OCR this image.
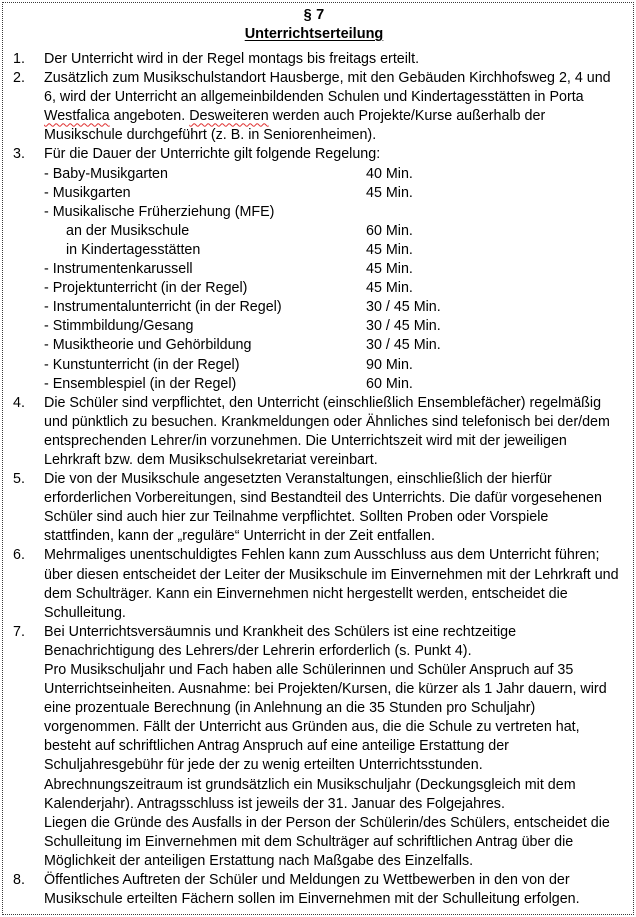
§ 7
Unterrichtserteilung
1.	Der Unterricht wird in der Regel montags bis freitags erteilt.
2.	Zusätzlich zum Musikschulstandort Hausberge, mit den Gebäuden Kirchhofsweg 2, 4 und 6, wird der Unterricht an allgemeinbildenden Schulen und Kindertagesstätten in Porta Westfalica angeboten. Desweiteren werden auch Projekte/Kurse außerhalb der Musikschule durchgeführt (z. B. in Seniorenheimen).
3.	Für die Dauer der Unterrichte gilt folgende Regelung:
- Baby-Musikgarten	40 Min.
- Musikgarten	45 Min.
- Musikalische Früherziehung (MFE)	
an der Musikschule	60 Min.
in Kindertagesstätten	45 Min.
- Instrumentenkarussell	45 Min.
- Projektunterricht (in der Regel)	45 Min.
- Instrumentalunterricht (in der Regel)	30 / 45 Min.
- Stimmbildung/Gesang	30 / 45 Min.
- Musiktheorie und Gehörbildung	30 / 45 Min.
- Kunstunterricht (in der Regel)	90 Min.
- Ensemblespiel (in der Regel)	60 Min.
4.	Die Schüler sind verpflichtet, den Unterricht (einschließlich Ensemblefächer) regelmäßig und pünktlich zu besuchen. Krankmeldungen oder Ähnliches sind telefonisch bei der/dem entsprechenden Lehrer/in vorzunehmen. Die Unterrichtszeit wird mit der jeweiligen Lehrkraft bzw. dem Musikschulsekretariat vereinbart.
5.	Die von der Musikschule angesetzten Veranstaltungen, einschließlich der hierfür erforderlichen Vorbereitungen, sind Bestandteil des Unterrichts. Die dafür vorgesehenen Schüler sind auch hier zur Teilnahme verpflichtet. Sollten Proben oder Vorspiele stattfinden, kann der „reguläre“ Unterricht in der Zeit entfallen.
6.	Mehrmaliges unentschuldigtes Fehlen kann zum Ausschluss aus dem Unterricht führen; über diesen entscheidet der Leiter der Musikschule im Einvernehmen mit der Lehrkraft und dem Schulträger. Kann ein Einvernehmen nicht hergestellt werden, entscheidet die Schulleitung.
7.	Bei Unterrichtsversäumnis und Krankheit des Schülers ist eine rechtzeitige Benachrichtigung des Lehrers/der Lehrerin erforderlich (s. Punkt 4).
Pro Musikschuljahr und Fach haben alle Schülerinnen und Schüler Anspruch auf 35 Unterrichtseinheiten. Ausnahme: bei Projekten/Kursen, die kürzer als 1 Jahr dauern, wird eine prozentuale Berechnung (in Anlehnung an die 35 Stunden pro Schuljahr) vorgenommen. Fällt der Unterricht aus Gründen aus, die die Schule zu vertreten hat, besteht auf schriftlichen Antrag Anspruch auf eine anteilige Erstattung der Schuljahresgebühr für jede der zu wenig erteilten Unterrichtsstunden. Abrechnungszeitraum ist grundsätzlich ein Musikschuljahr (Deckungsgleich mit dem Kalenderjahr). Antragsschluss ist jeweils der 31. Januar des Folgejahres.
Liegen die Gründe des Ausfalls in der Person der Schülerin/des Schülers, entscheidet die Schulleitung im Einvernehmen mit dem Schulträger auf schriftlichen Antrag über die Möglichkeit der anteiligen Erstattung nach Maßgabe des Einzelfalls.
8.	Öffentliches Auftreten der Schüler und Meldungen zu Wettbewerben in den von der Musikschule erteilten Fächern sollen im Einvernehmen mit der Schulleitung erfolgen.
